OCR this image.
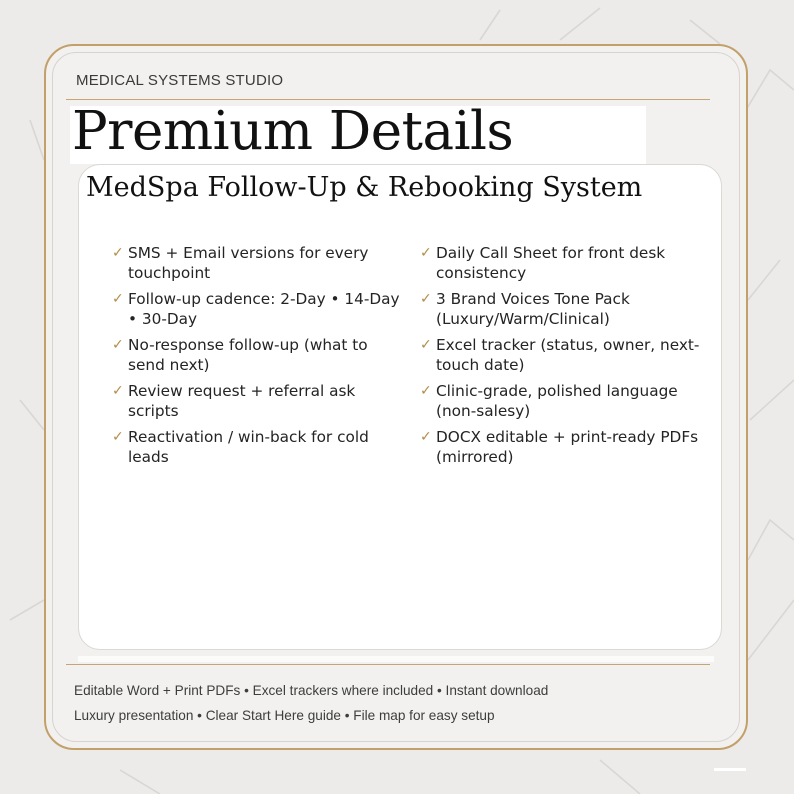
MEDICAL SYSTEMS STUDIO
Premium Details
MedSpa Follow-Up & Rebooking System
✓ SMS + Email versions for every touchpoint
✓ Follow-up cadence: 2-Day • 14-Day • 30-Day
✓ No-response follow-up (what to send next)
✓ Review request + referral ask scripts
✓ Reactivation / win-back for cold leads
✓ Daily Call Sheet for front desk consistency
✓ 3 Brand Voices Tone Pack (Luxury/Warm/Clinical)
✓ Excel tracker (status, owner, next-touch date)
✓ Clinic-grade, polished language (non-salesy)
✓ DOCX editable + print-ready PDFs (mirrored)
Editable Word + Print PDFs • Excel trackers where included • Instant download
Luxury presentation • Clear Start Here guide • File map for easy setup
